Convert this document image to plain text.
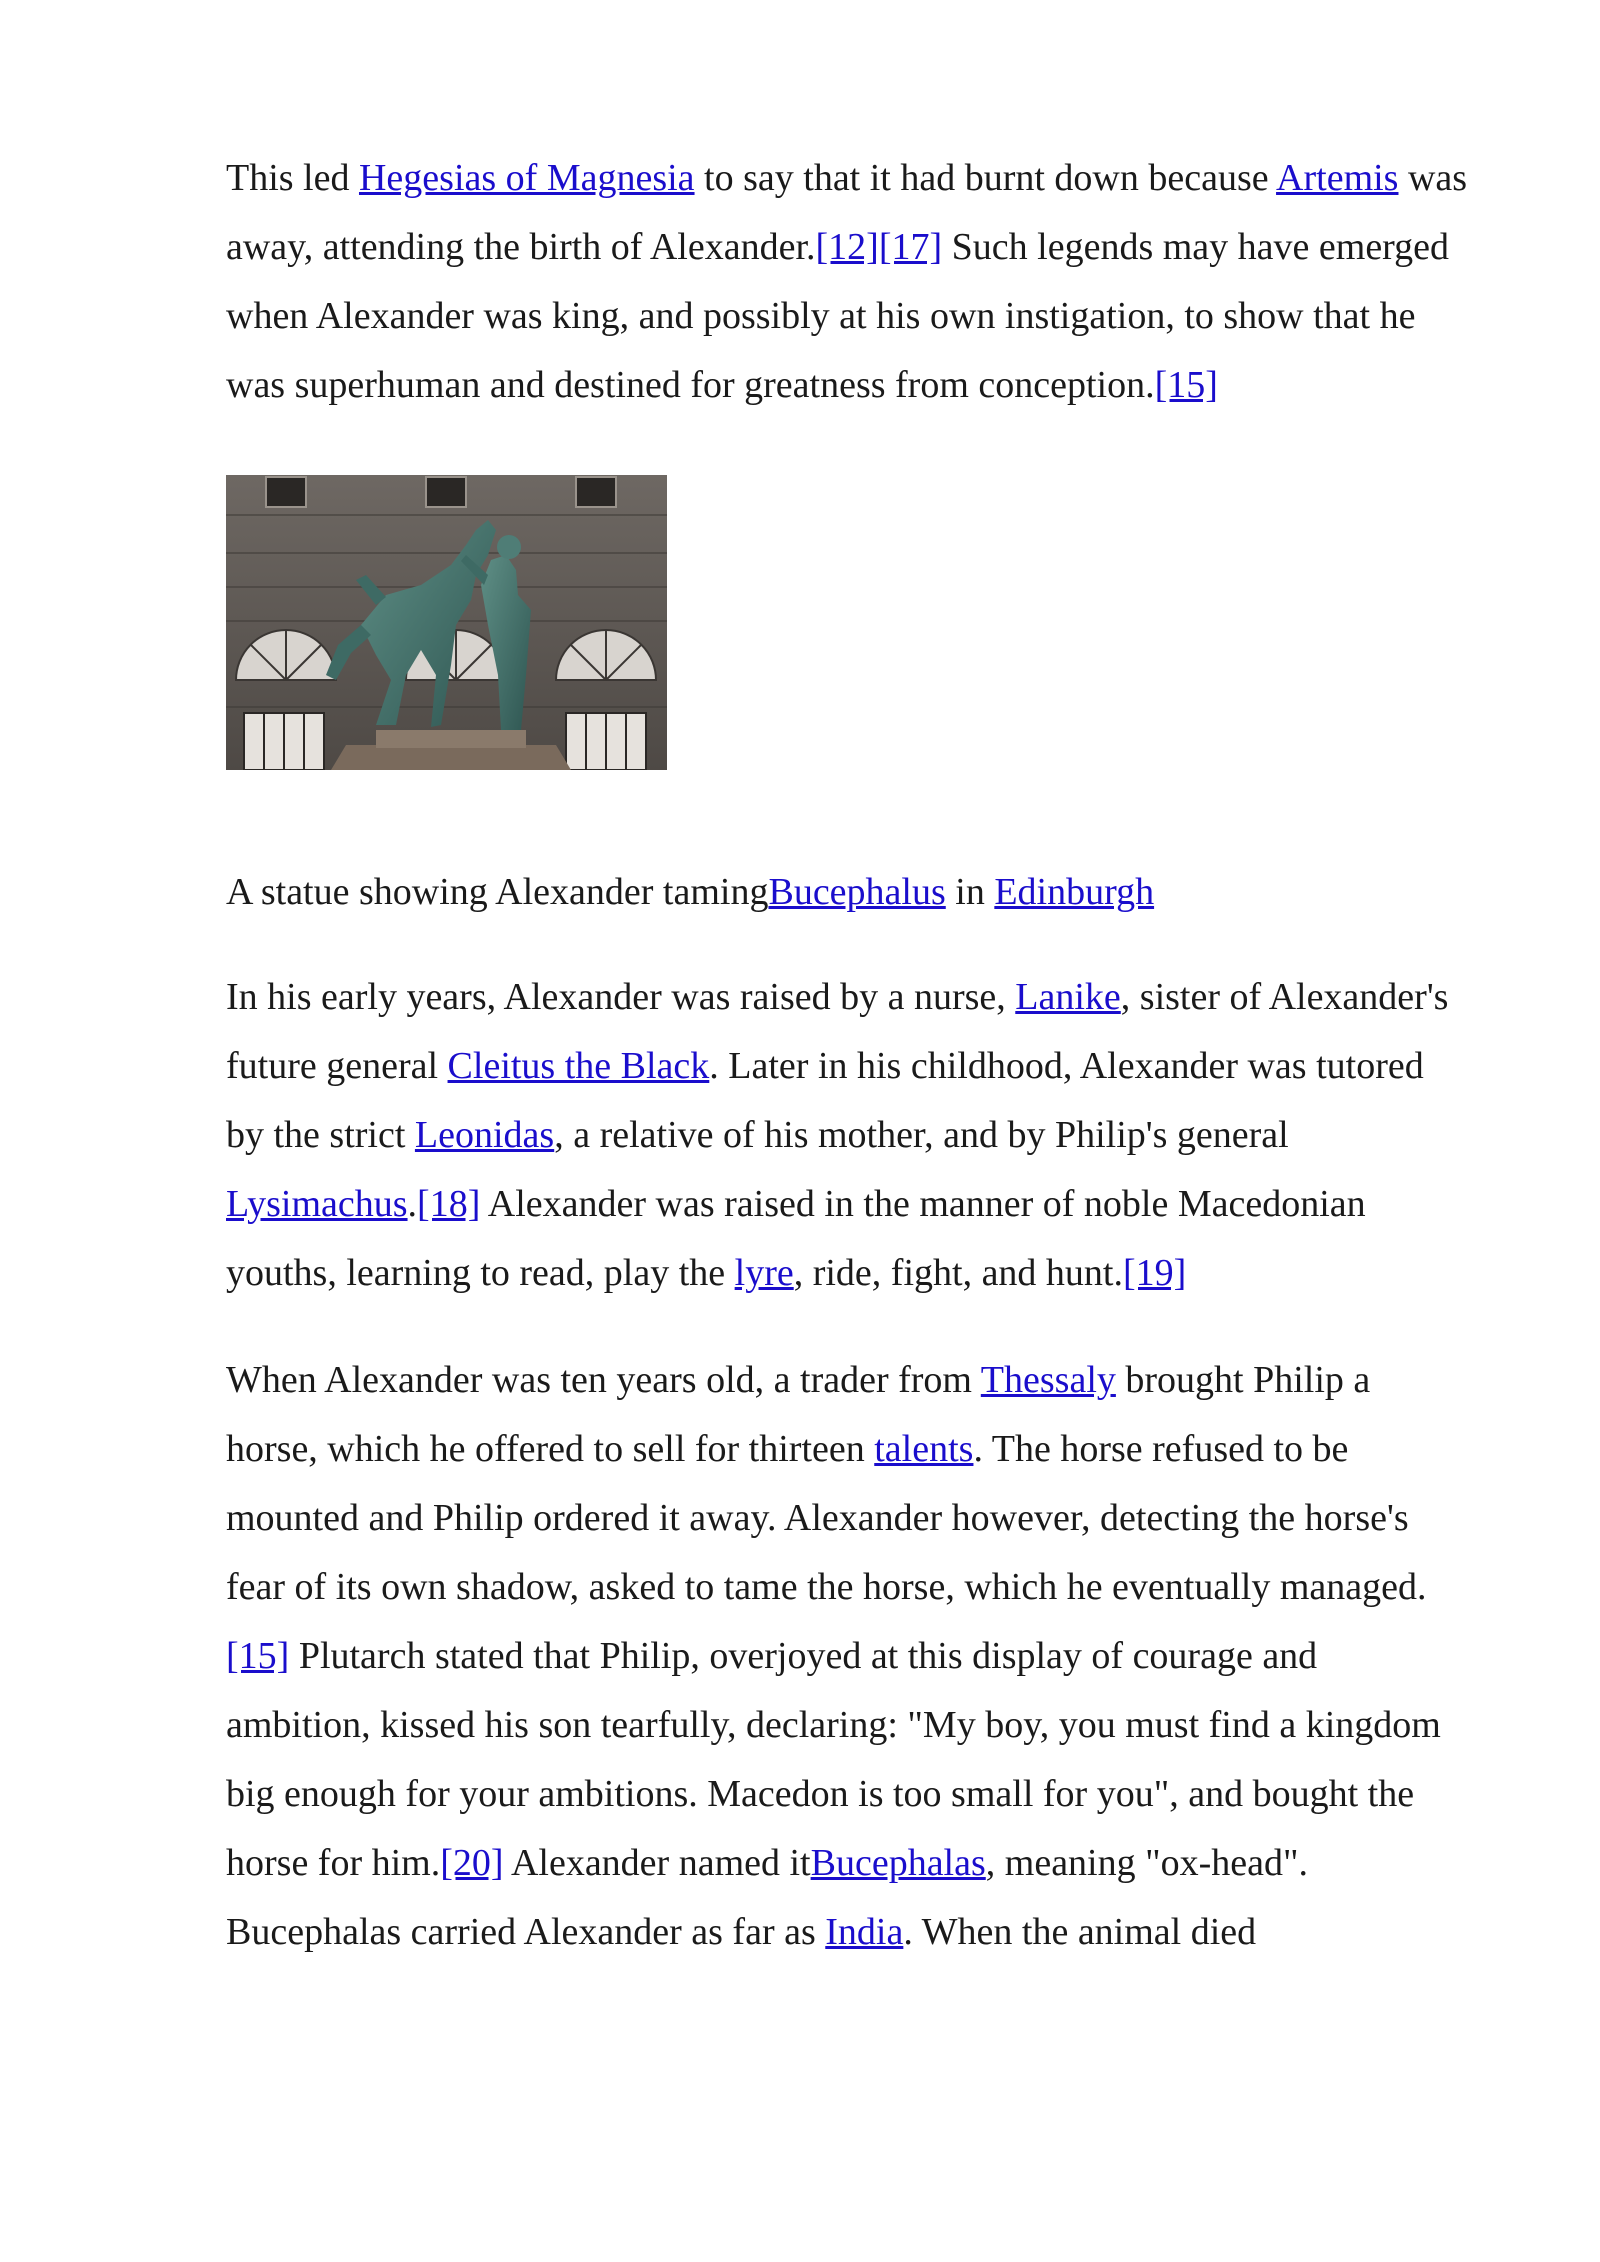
This led Hegesias of Magnesia to say that it had burnt down because Artemis was away, attending the birth of Alexander.[12][17] Such legends may have emerged when Alexander was king, and possibly at his own instigation, to show that he was superhuman and destined for greatness from conception.[15]

A statue showing Alexander tamingBucephalus in Edinburgh

In his early years, Alexander was raised by a nurse, Lanike, sister of Alexander's future general Cleitus the Black. Later in his childhood, Alexander was tutored by the strict Leonidas, a relative of his mother, and by Philip's general Lysimachus.[18] Alexander was raised in the manner of noble Macedonian youths, learning to read, play the lyre, ride, fight, and hunt.[19]

When Alexander was ten years old, a trader from Thessaly brought Philip a horse, which he offered to sell for thirteen talents. The horse refused to be mounted and Philip ordered it away. Alexander however, detecting the horse's fear of its own shadow, asked to tame the horse, which he eventually managed.[15] Plutarch stated that Philip, overjoyed at this display of courage and ambition, kissed his son tearfully, declaring: "My boy, you must find a kingdom big enough for your ambitions. Macedon is too small for you", and bought the horse for him.[20] Alexander named itBucephalas, meaning "ox-head". Bucephalas carried Alexander as far as India. When the animal died
